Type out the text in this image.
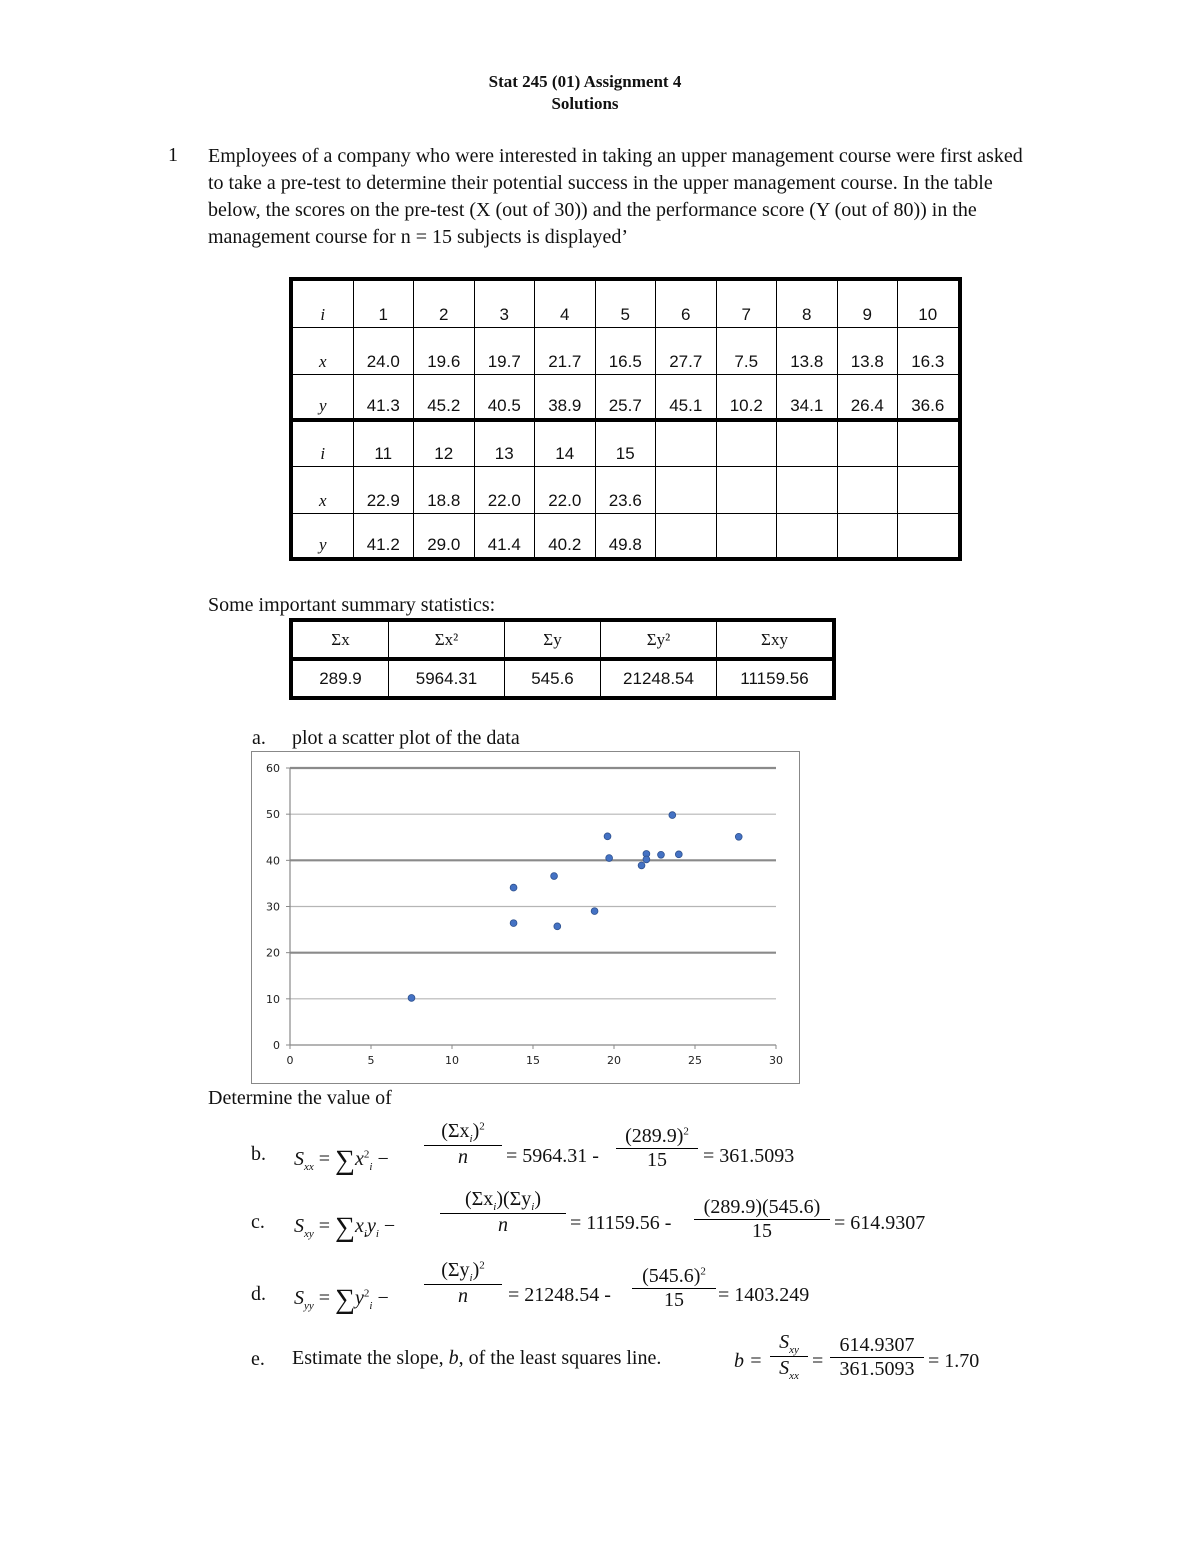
Stat 245 (01) Assignment 4
Solutions
1 Employees of a company who were interested in taking an upper management course were first asked to take a pre-test to determine their potential success in the upper management course. In the table below, the scores on the pre-test (X (out of 30)) and the performance score (Y (out of 80)) in the management course for n = 15 subjects is displayed’

i	1	2	3	4	5	6	7	8	9	10
x	24.0	19.6	19.7	21.7	16.5	27.7	7.5	13.8	13.8	16.3
y	41.3	45.2	40.5	38.9	25.7	45.1	10.2	34.1	26.4	36.6
i	11	12	13	14	15					
x	22.9	18.8	22.0	22.0	23.6					
y	41.2	29.0	41.4	40.2	49.8					
Some important summary statistics:
Σx	Σx²	Σy	Σy²	Σxy
289.9	5964.31	545.6	21248.54	11159.56
a. plot a scatter plot of the data
0
10
20
30
40
50
60
0	5	10	15	20	25	30
Determine the value of
b. $S_{xx} = \sum x^2_i$ −
$(\Sigma x_i)^2$
n	= $5964.31 - \frac{(289.9)^2}{15} = 361.5093$
c. $S_{xy} = \sum x_iy_i$ −
$(\Sigma x_i)(\Sigma y_i)$
n	= $11159.56 - \frac{(289.9)(545.6)}{15} = 614.9307$
d. $S_{yy} = \sum y^2_i$ −
$(\Sigma y_i)^2$
n	= $21248.54 - \frac{(545.6)^2}{15} = 1403.249$
e. Estimate the slope, b, of the least squares line.	b =
$S_{xy}$
$S_{xx}$
= $\frac{614.9307}{361.5093} = 1.70$
